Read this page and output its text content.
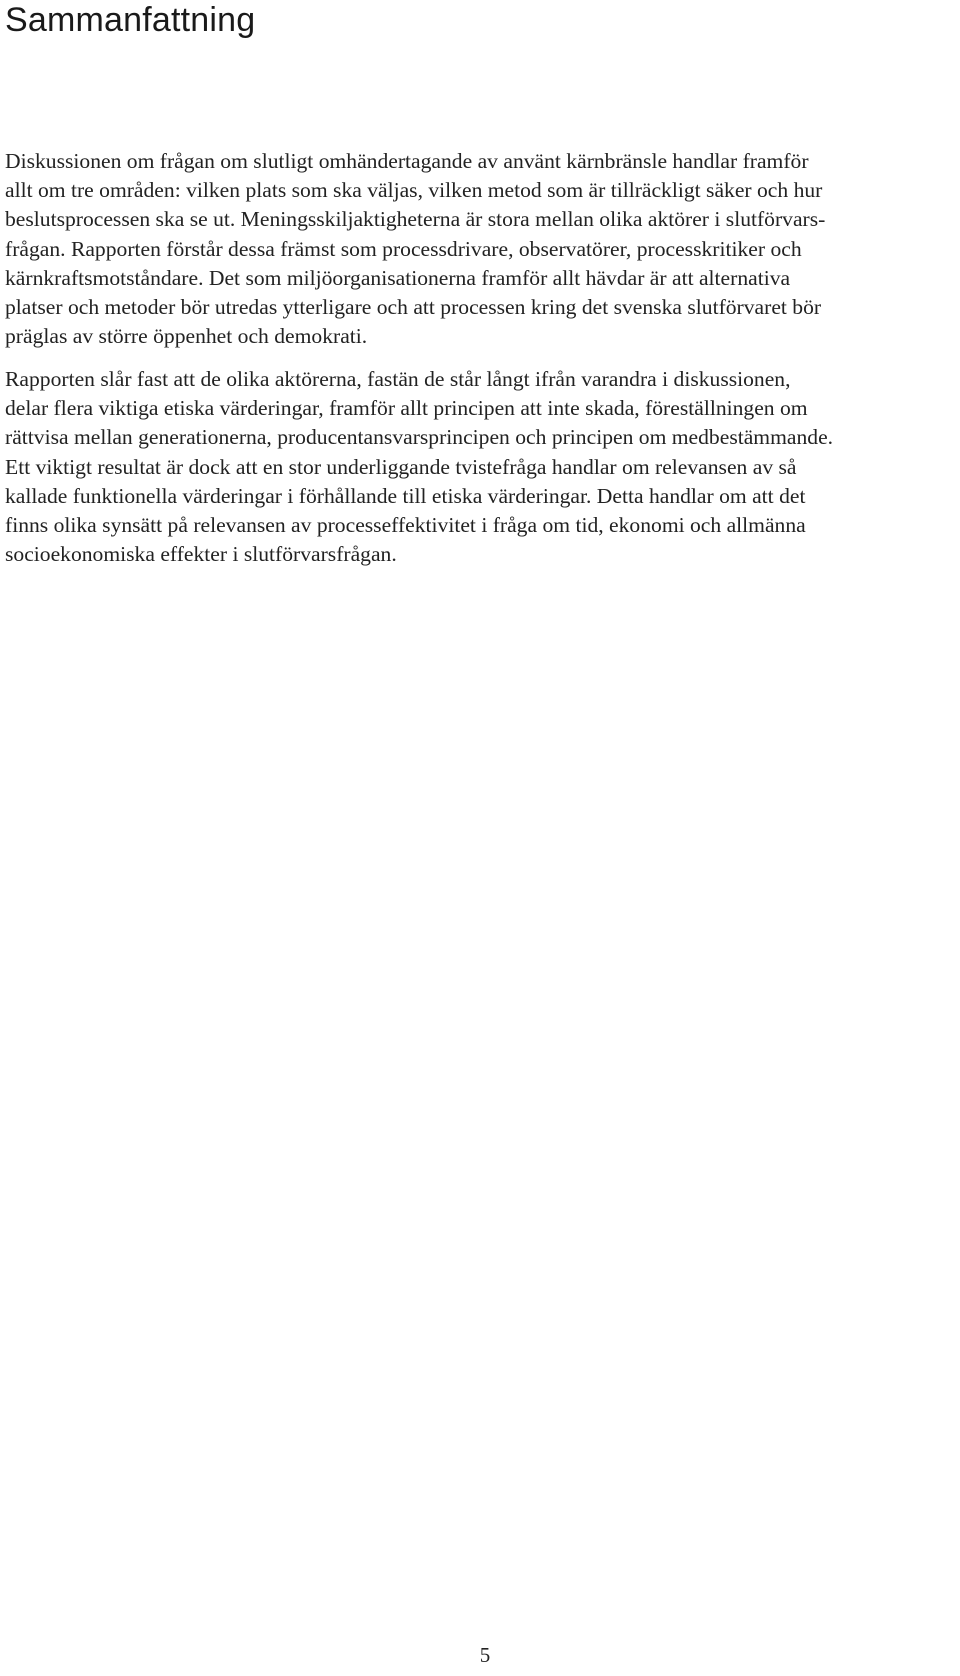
Sammanfattning
Diskussionen om frågan om slutligt omhändertagande av använt kärnbränsle handlar framför
allt om tre områden: vilken plats som ska väljas, vilken metod som är tillräckligt säker och hur
beslutsprocessen ska se ut. Meningsskiljaktigheterna är stora mellan olika aktörer i slutförvars-
frågan. Rapporten förstår dessa främst som processdrivare, observatörer, processkritiker och
kärnkraftsmotståndare. Det som miljöorganisationerna framför allt hävdar är att alternativa
platser och metoder bör utredas ytterligare och att processen kring det svenska slutförvaret bör
präglas av större öppenhet och demokrati.
Rapporten slår fast att de olika aktörerna, fastän de står långt ifrån varandra i diskussionen,
delar flera viktiga etiska värderingar, framför allt principen att inte skada, föreställningen om
rättvisa mellan generationerna, producentansvarsprincipen och principen om medbestämmande.
Ett viktigt resultat är dock att en stor underliggande tvistefråga handlar om relevansen av så
kallade funktionella värderingar i förhållande till etiska värderingar. Detta handlar om att det
finns olika synsätt på relevansen av processeffektivitet i fråga om tid, ekonomi och allmänna
socioekonomiska effekter i slutförvarsfrågan.
5
